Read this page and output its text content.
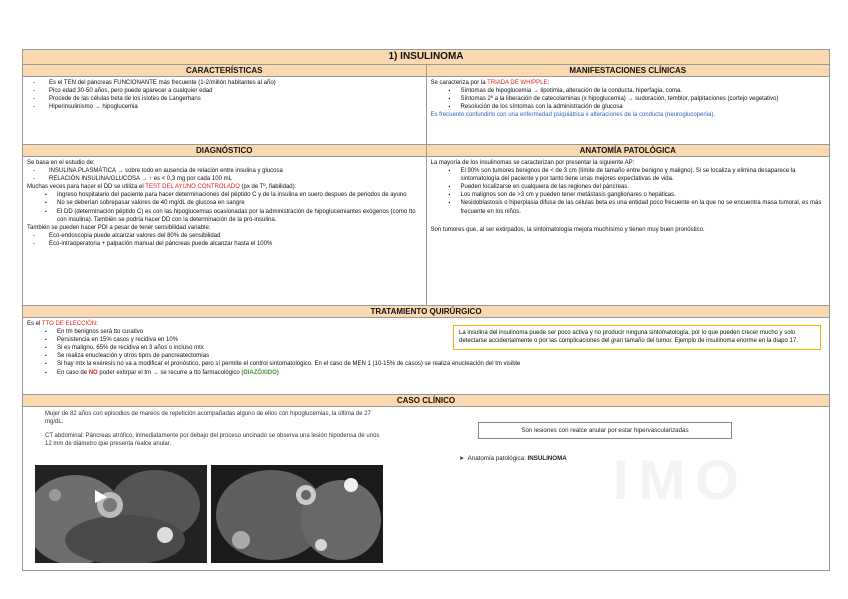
1) INSULINOMA
CARACTERÍSTICAS
- Es el TEN del páncreas FUNCIONANTE más frecuente (1-2/millón habitantes al año)
- Pico edad 30-50 años, pero puede aparecer a cualquier edad
- Procede de las células beta de los islotes de Langerhans
- Hiperinsulinismo → hipoglucemia
MANIFESTACIONES CLÍNICAS
Se caracteriza por la TRIADA DE WHIPPLE:
▪ Síntomas de hipoglucemia → lipotimia, alteración de la conducta, hiperfagia, coma.
▪ Síntomas 2º a la liberación de catecolaminas (x hipoglucemia) → sudoración, temblor, palpitaciones (cortejo vegetativo)
▪ Resolución de los síntomas con la administración de glucosa
Es frecuente confundirlo con una enfermedad psiquiátrica x alteraciones de la conducta (neuroglucopenia).
DIAGNÓSTICO
Se basa en el estudio de:
- INSULINA PLASMÁTICA → sobre todo en ausencia de relación entre insulina y glucosa
- RELACIÓN INSULINA/GLUCOSA → ↑ es < 0,3 mg por cada 100 mL
Muchas veces para hacer el DD se utiliza el TEST DEL AYUNO CONTROLADO (px de Tº, fiabilidad):
▪ Ingreso hospitalario del paciente para hacer determinaciones del péptido C y de la insulina en suero despues de periodos de ayuno
▪ No se deberían sobrepasar valores de 40 mg/dL de glucosa en sangre
▪ El DD (determinación péptido C) es con las hipoglucemias ocasionadas por la administración de hipoglucemiantes exógenos (como tto con insulina). También se podría hacer DD con la determinación de la pro-insulina.
También se pueden hacer PDI a pesar de tener sensibilidad variable:
- Eco-endoscopia puede alcanzar valores del 80% de sensibilidad
- Eco-intraoperatoria + palpación manual del páncreas puede alcanzar hasta el 100%
ANATOMÍA PATOLÓGICA
La mayoría de los insulinomas se caracterizan por presentar la siguiente AP:
▪ El 90% son tumores benignos de < de 3 cm (límite de tamaño entre benigno y maligno). Si se localiza y elimina desaparece la sintomatología del paciente y por tanto tiene unas mejores expectativas de vida.
▪ Pueden localizarse en cualquiera de las regiones del páncreas.
▪ Los malignos son de >3 cm y pueden tener metástasis ganglionares o hepáticas.
▪ Nesidoblastosis o hiperplasia difusa de las células beta es una entidad poco frecuente en la que no se encuentra masa tumoral, es más frecuente en los niños.
Son tumores que, al ser extirpados, la sintomatología mejora muchísimo y tienen muy buen pronóstico.
TRATAMIENTO QUIRÚRGICO
Es el TTO DE ELECCIÓN:
▪ En tm benignos será tto curativo
▪ Persistencia en 15% casos y recidiva en 10%
▪ Si es maligno, 65% de recidiva en 3 años o incluso mtx
▪ Se realiza enucleación y otros tipos de pancreatectomías
▪ Si hay mtx la exéresis no va a modificar el pronóstico, pero sí permite el control sintomatológico. En el caso de MEN 1 (10-15% de casos) se realiza enucleación del tm visible
▪ En caso de NO poder extirpar el tm → se recurre a tto farmacológico (DIAZÓXIDO)
La insulina del insulinoma puede ser poco activa y no producir ninguna sintomatología, por lo que pueden crecer mucho y solo detectarse accidentalmente o por las complicaciones del gran tamaño del tumor. Ejemplo de insulinoma enorme en la diapo 17.
CASO CLÍNICO
IMO
Mujer de 82 años con episodios de mareos de repetición acompañadas alguno de ellos con hipoglucemias, la última de 27 mg/dL.
CT abdominal: Páncreas atrófico, inmediatamente por debajo del proceso uncinado se observa una lesión hipodensa de unos 12 mm de diámetro que presenta realce anular.
Son lesiones con realce anular por estar hipervascularizadas
➤ Anatomía patológica: INSULINOMA
